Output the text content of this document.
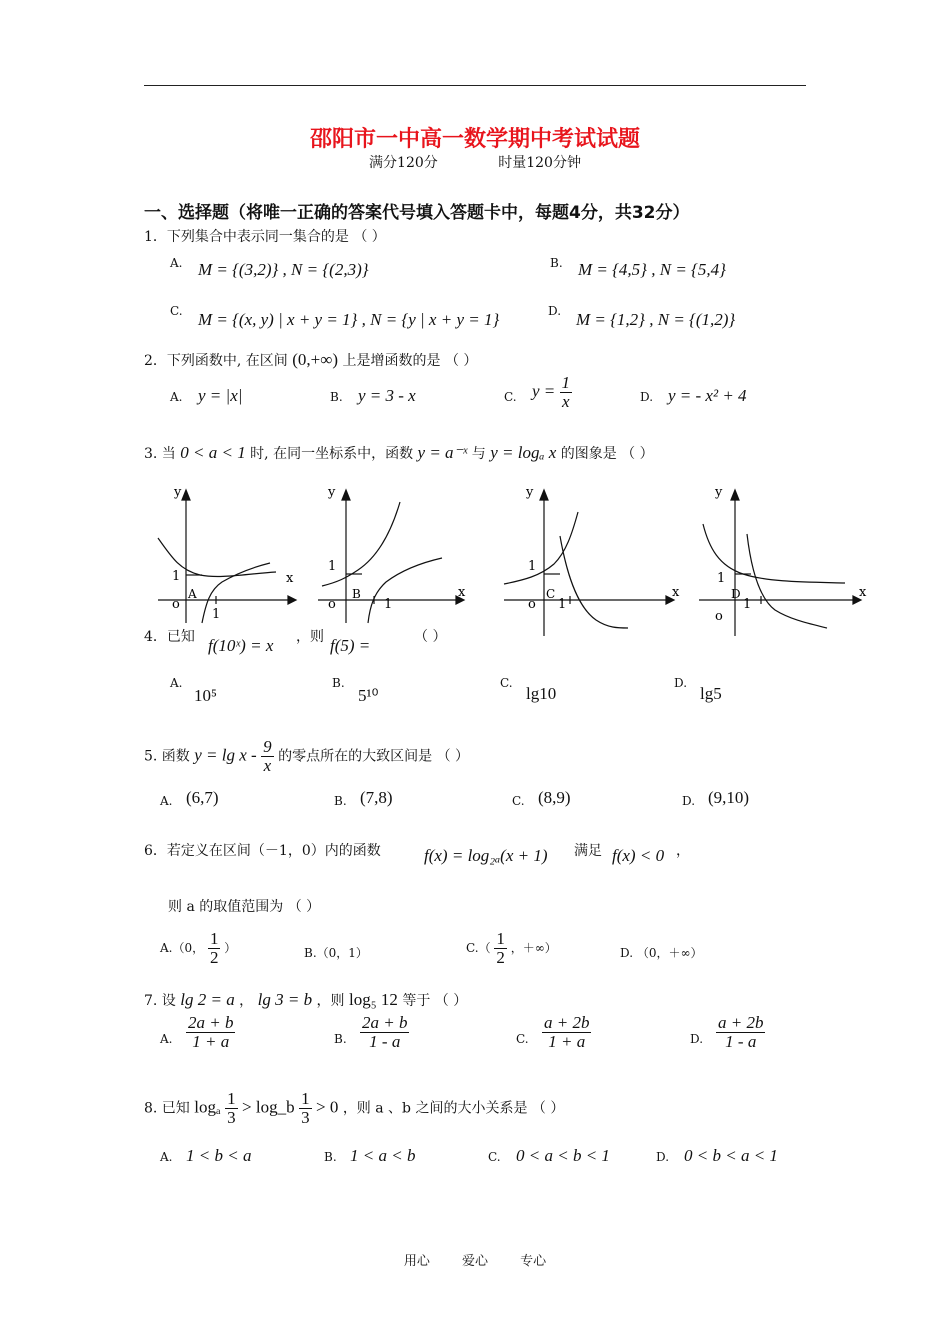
邵阳市一中高一数学期中考试试题
满分120分	时量120分钟
一、选择题（将唯一正确的答案代号填入答题卡中，每题4分，共32分）
1．下列集合中表示同一集合的是 （ ）
A. M = {(3,2)} , N = {(2,3)}	B. M = {4,5} , N = {5,4}
C. M = {(x, y) | x + y = 1} , N = {y | x + y = 1}	D. M = {1,2} , N = {(1,2)}
2．下列函数中, 在区间 (0,+∞) 上是增函数的是 （ ）
A. y = |x|	B. y = 3 - x	C. $y = \frac{1}{x}$	D. y = - x² + 4
3. 当 0 < a < 1 时, 在同一坐标系中，函数 y = a⁻ˣ 与 y = logₐ x 的图象是 （ ）
y
x
1
o
A
1
y
x
1
o
B
1
y
x
1
o
C
1
y
x
1
o
D
1
4．已知 f(10ˣ) = x ，则 f(5) =	（ ）
A.
10⁵
B.
5¹⁰
C.
lg10
D.
lg5
5. 函数 $y = \lg x - \frac{9}{x}$ 的零点所在的大致区间是 （ ）
A. (6,7)	B. (7,8)	C. (8,9)	D. (9,10)
6．若定义在区间（－1，0）内的函数	f(x) = log₂ₐ(x + 1) 满足 f(x) < 0 ，
则 a 的取值范围为 （ ）
A.（0， $\frac{1}{2}$ ）	B.（0，1）	$C.( \frac{1}{2}$ ，＋∞）	D. （0，＋∞）
7. 设 lg 2 = a ， lg 3 = b ，则 log₅ 12 等于 （ ）
A. $\frac{2a + b}{1 + a}$	B. $\frac{2a + b}{1 - a}$	C. $\frac{a + 2b}{1 + a}$	D. $\frac{a + 2b}{1 - a}$
8. 已知 logₐ $\frac{1}{3}$ > log_b $\frac{1}{3} > 0$ ，则 a 、b 之间的大小关系是 （ ）
A. 1 < b < a	B. 1 < a < b	C. 0 < a < b < 1	D. 0 < b < a < 1
用心 爱心 专心
